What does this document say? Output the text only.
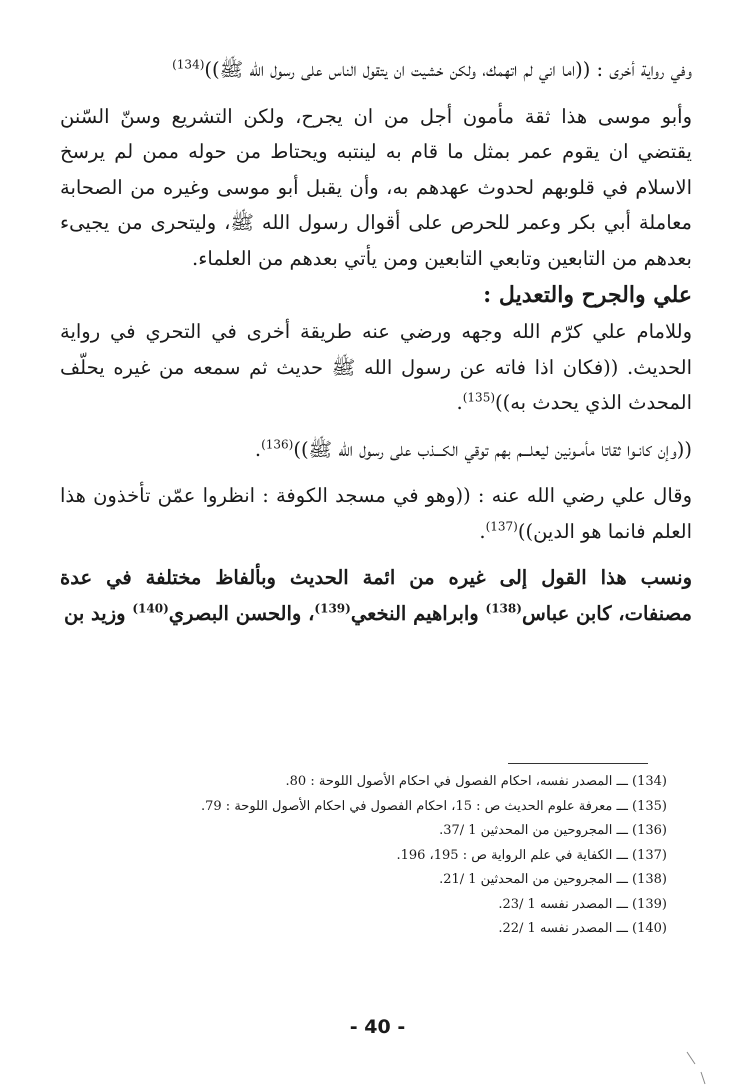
وفي رواية أخرى : ((اما اني لم اتهمك، ولكن خشيت ان يتقول الناس على رسول الله ﷺ))$^{(134)}$

وأبو موسى هذا ثقة مأمون أجل من ان يجرح، ولكن التشريع وسنّ السّنن يقتضي ان يقوم عمر بمثل ما قام به لينتبه ويحتاط من حوله ممن لم يرسخ الاسلام في قلوبهم لحدوث عهدهم به، وأن يقبل أبو موسى وغيره من الصحابة معاملة أبي بكر وعمر للحرص على أقوال رسول الله ﷺ، وليتحرى من يجيىء بعدهم من التابعين وتابعي التابعين ومن يأتي بعدهم من العلماء.

علي والجرح والتعديل :

وللامام علي كرّم الله وجهه ورضي عنه طريقة أخرى في التحري في رواية الحديث. ((فكان اذا فاته عن رسول الله ﷺ حديث ثم سمعه من غيره يحلّف المحدث الذي يحدث به))$^{(135)}$.

((وإن كانـوا ثقاتا مأمـونين ليعلـــم بهم توقي الكـــذب على رسول الله ﷺ))$^{(136)}$.

وقال علي رضي الله عنه : ((وهو في مسجد الكوفة : انظروا عمّن تأخذون هذا العلم فانما هو الدين))$^{(137)}$.

ونسب هذا القول إلى غيره من ائمة الحديث وبألفاظ مختلفة في عدة مصنفات، كابن عباس$^{(138)}$ وابراهيم النخعي$^{(139)}$، والحسن البصري$^{(140)}$ وزيد بن

(134) ـــ المصدر نفسه، احكام الفصول في احكام الأصول اللوحة : 80.

(135) ـــ معرفة علوم الحديث ص : 15، احكام الفصول في احكام الأصول اللوحة : 79.

(136) ـــ المجروحين من المحدثين 1 /37.

(137) ـــ الكفاية في علم الرواية ص : 195، 196.

(138) ـــ المجروحين من المحدثين 1 /21.

(139) ـــ المصدر نفسه 1 /23.

(140) ـــ المصدر نفسه 1 /22.

- 40 -
